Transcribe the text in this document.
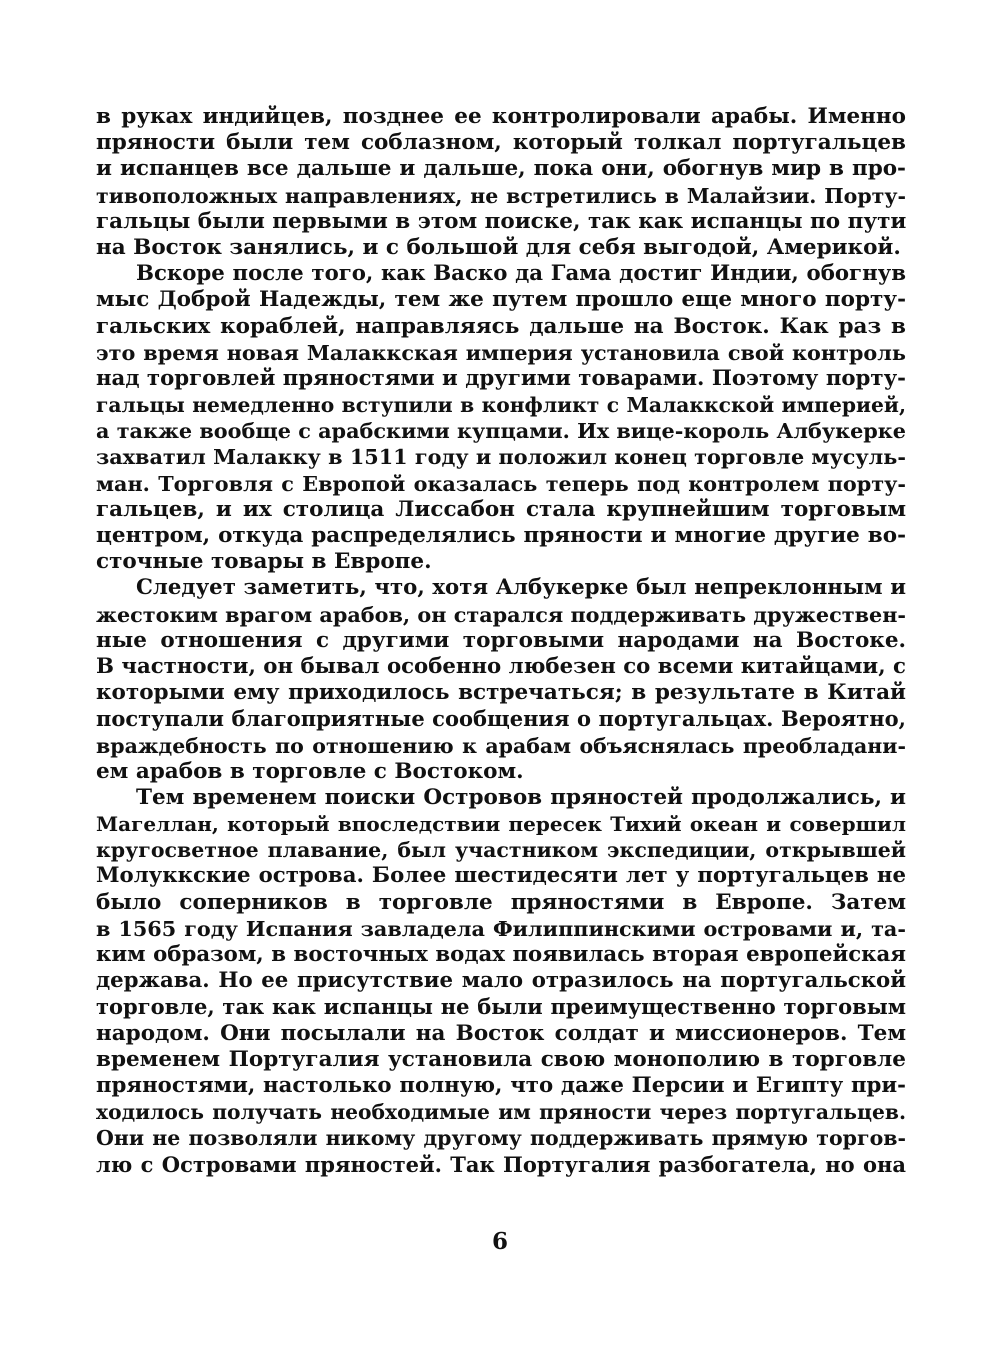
в руках индийцев, позднее ее контролировали арабы. Именно
пряности были тем соблазном, который толкал португальцев
и испанцев все дальше и дальше, пока они, обогнув мир в про-
тивоположных направлениях, не встретились в Малайзии. Порту-
гальцы были первыми в этом поиске, так как испанцы по пути
на Восток занялись, и с большой для себя выгодой, Америкой.
Вскоре после того, как Васко да Гама достиг Индии, обогнув
мыс Доброй Надежды, тем же путем прошло еще много порту-
гальских кораблей, направляясь дальше на Восток. Как раз в
это время новая Малаккская империя установила свой контроль
над торговлей пряностями и другими товарами. Поэтому порту-
гальцы немедленно вступили в конфликт с Малаккской империей,
а также вообще с арабскими купцами. Их вице-король Албукерке
захватил Малакку в 1511 году и положил конец торговле мусуль-
ман. Торговля с Европой оказалась теперь под контролем порту-
гальцев, и их столица Лиссабон стала крупнейшим торговым
центром, откуда распределялись пряности и многие другие во-
сточные товары в Европе.
Следует заметить, что, хотя Албукерке был непреклонным и
жестоким врагом арабов, он старался поддерживать дружествен-
ные отношения с другими торговыми народами на Востоке.
В частности, он бывал особенно любезен со всеми китайцами, с
которыми ему приходилось встречаться; в результате в Китай
поступали благоприятные сообщения о португальцах. Вероятно,
враждебность по отношению к арабам объяснялась преобладани-
ем арабов в торговле с Востоком.
Тем временем поиски Островов пряностей продолжались, и
Магеллан, который впоследствии пересек Тихий океан и совершил
кругосветное плавание, был участником экспедиции, открывшей
Молуккские острова. Более шестидесяти лет у португальцев не
было соперников в торговле пряностями в Европе. Затем
в 1565 году Испания завладела Филиппинскими островами и, та-
ким образом, в восточных водах появилась вторая европейская
держава. Но ее присутствие мало отразилось на португальской
торговле, так как испанцы не были преимущественно торговым
народом. Они посылали на Восток солдат и миссионеров. Тем
временем Португалия установила свою монополию в торговле
пряностями, настолько полную, что даже Персии и Египту при-
ходилось получать необходимые им пряности через португальцев.
Они не позволяли никому другому поддерживать прямую торгов-
лю с Островами пряностей. Так Португалия разбогатела, но она
6
